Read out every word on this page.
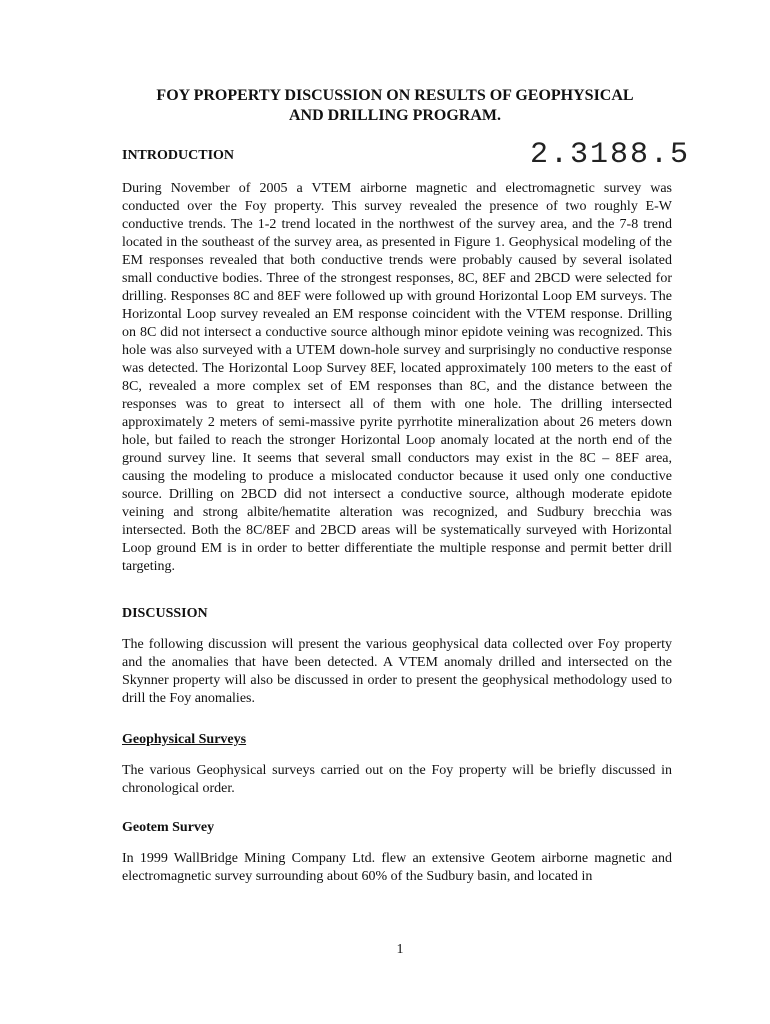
FOY PROPERTY DISCUSSION ON RESULTS OF GEOPHYSICAL
AND DRILLING PROGRAM.
INTRODUCTION	2.3188.5

During November of 2005 a VTEM airborne magnetic and electromagnetic survey was conducted over the Foy property. This survey revealed the presence of two roughly E-W conductive trends. The 1-2 trend located in the northwest of the survey area, and the 7-8 trend located in the southeast of the survey area, as presented in Figure 1. Geophysical modeling of the EM responses revealed that both conductive trends were probably caused by several isolated small conductive bodies. Three of the strongest responses, 8C, 8EF and 2BCD were selected for drilling. Responses 8C and 8EF were followed up with ground Horizontal Loop EM surveys. The Horizontal Loop survey revealed an EM response coincident with the VTEM response. Drilling on 8C did not intersect a conductive source although minor epidote veining was recognized. This hole was also surveyed with a UTEM down-hole survey and surprisingly no conductive response was detected. The Horizontal Loop Survey 8EF, located approximately 100 meters to the east of 8C, revealed a more complex set of EM responses than 8C, and the distance between the responses was to great to intersect all of them with one hole. The drilling intersected approximately 2 meters of semi-massive pyrite pyrrhotite mineralization about 26 meters down hole, but failed to reach the stronger Horizontal Loop anomaly located at the north end of the ground survey line. It seems that several small conductors may exist in the 8C – 8EF area, causing the modeling to produce a mislocated conductor because it used only one conductive source. Drilling on 2BCD did not intersect a conductive source, although moderate epidote veining and strong albite/hematite alteration was recognized, and Sudbury brecchia was intersected. Both the 8C/8EF and 2BCD areas will be systematically surveyed with Horizontal Loop ground EM is in order to better differentiate the multiple response and permit better drill targeting.

DISCUSSION

The following discussion will present the various geophysical data collected over Foy property and the anomalies that have been detected. A VTEM anomaly drilled and intersected on the Skynner property will also be discussed in order to present the geophysical methodology used to drill the Foy anomalies.

Geophysical Surveys

The various Geophysical surveys carried out on the Foy property will be briefly discussed in chronological order.

Geotem Survey

In 1999 WallBridge Mining Company Ltd. flew an extensive Geotem airborne magnetic and electromagnetic survey surrounding about 60% of the Sudbury basin, and located in

1
